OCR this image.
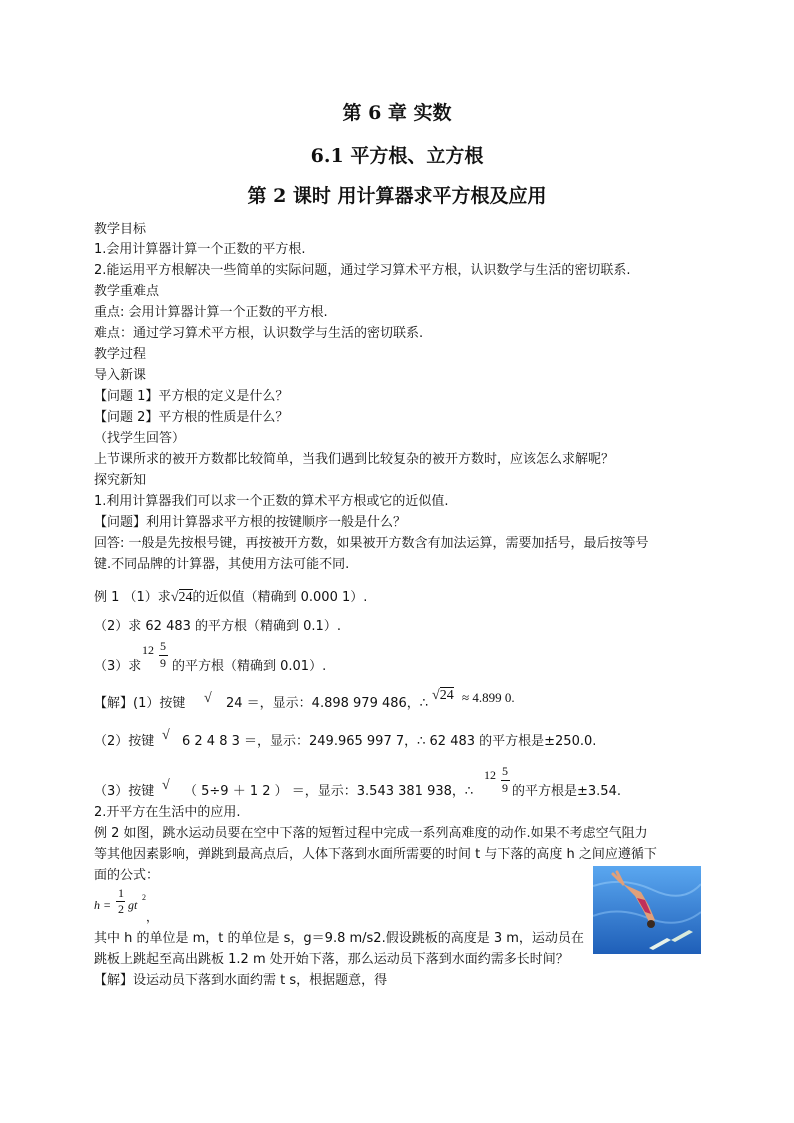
第 6 章 实数
6.1 平方根、立方根
第 2 课时 用计算器求平方根及应用
教学目标
1.会用计算器计算一个正数的平方根.
2.能运用平方根解决一些简单的实际问题，通过学习算术平方根，认识数学与生活的密切联系.
教学重难点
重点: 会用计算器计算一个正数的平方根.
难点：通过学习算术平方根，认识数学与生活的密切联系.
教学过程
导入新课
【问题 1】平方根的定义是什么？
【问题 2】平方根的性质是什么？
（找学生回答）
上节课所求的被开方数都比较简单，当我们遇到比较复杂的被开方数时，应该怎么求解呢？
探究新知
1.利用计算器我们可以求一个正数的算术平方根或它的近似值.
【问题】利用计算器求平方根的按键顺序一般是什么？
回答: 一般是先按根号键，再按被开方数，如果被开方数含有加法运算，需要加括号，最后按等号
键.不同品牌的计算器，其使用方法可能不同.
例 1 （1）求√24的近似值（精确到 0.000 1）.
（2）求 62 483 的平方根（精确到 0.1）.
（3）求
12 5
9 的平方根（精确到 0.01）.
【解】(1）按键 √ 24 ＝，显示：4.898 979 486，∴
√24 ≈ 4.899 0.
（2）按键 √ 6 2 4 8 3 ＝，显示：249.965 997 7，∴ 62 483 的平方根是±250.0.
（3）按键 √ （ 5÷9 ＋ 1 2 ） ＝，显示：3.543 381 938，∴
12 5
9 的平方根是±3.54.
2.开平方在生活中的应用.
例 2 如图，跳水运动员要在空中下落的短暂过程中完成一系列高难度的动作.如果不考虑空气阻力
等其他因素影响，弹跳到最高点后，人体下落到水面所需要的时间 t 与下落的高度 h 之间应遵循下
面的公式：
h =
1
2 gt
2
，
其中 h 的单位是 m，t 的单位是 s，g＝9.8 m/s2.假设跳板的高度是 3 m，运动员在
跳板上跳起至高出跳板 1.2 m 处开始下落，那么运动员下落到水面约需多长时间？
【解】设运动员下落到水面约需 t s，根据题意，得
